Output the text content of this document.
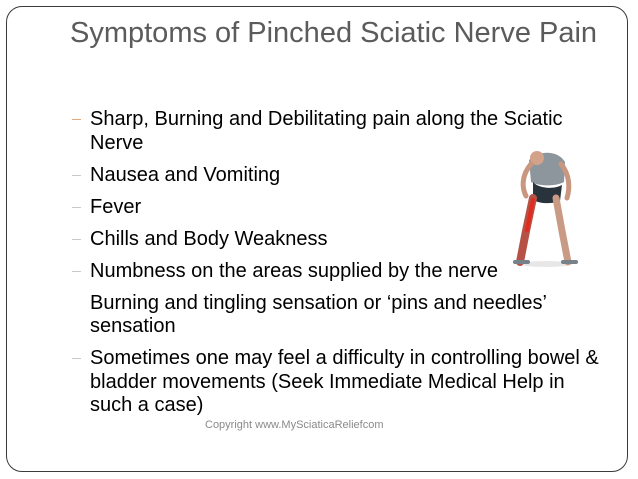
Symptoms of Pinched Sciatic Nerve Pain
Sharp, Burning and Debilitating pain along the Sciatic Nerve
Nausea and Vomiting
Fever
Chills and Body Weakness
Numbness on the areas supplied by the nerve
Burning and tingling sensation or ‘pins and needles’ sensation
Sometimes one may feel a difficulty in controlling bowel & bladder movements (Seek Immediate Medical Help in such a case)
Copyright www.MySciaticaReliefcom
